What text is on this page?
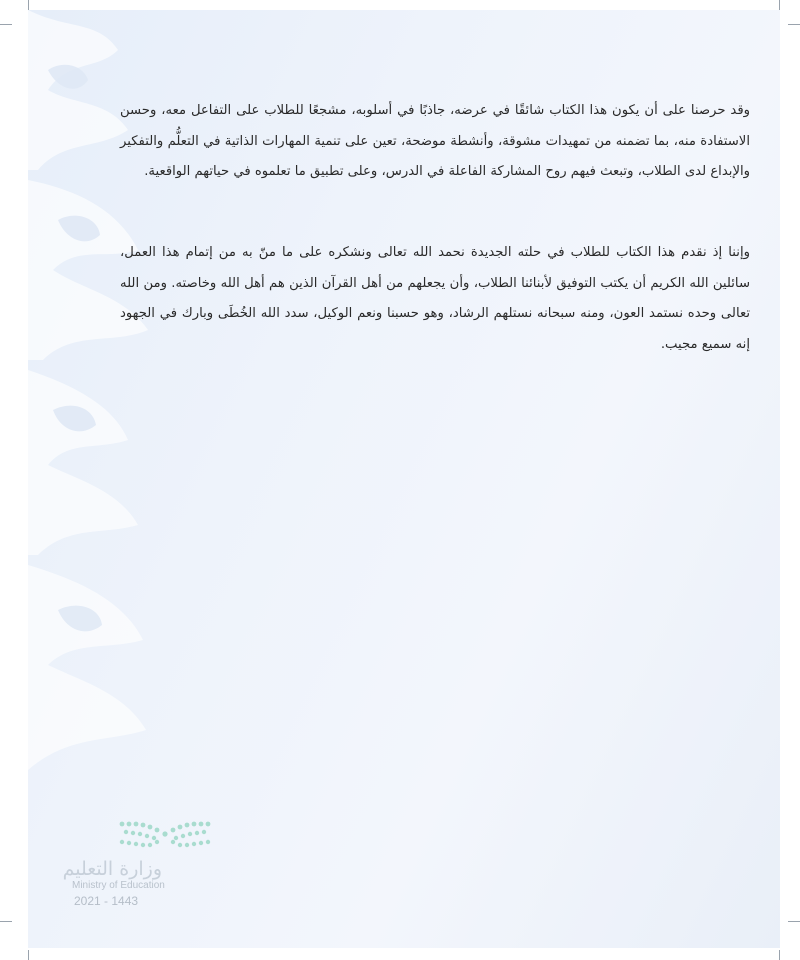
وقد حرصنا على أن يكون هذا الكتاب شائقًا في عرضه، جاذبًا في أسلوبه، مشجعًا للطلاب على التفاعل معه، وحسن الاستفادة منه، بما تضمنه من تمهيدات مشوقة، وأنشطة موضحة، تعين على تنمية المهارات الذاتية في التعلُّم والتفكير والإبداع لدى الطلاب، وتبعث فيهم روح المشاركة الفاعلة في الدرس، وعلى تطبيق ما تعلموه في حياتهم الواقعية.
وإننا إذ نقدم هذا الكتاب للطلاب في حلته الجديدة نحمد الله تعالى ونشكره على ما منّ به من إتمام هذا العمل، سائلين الله الكريم أن يكتب التوفيق لأبنائنا الطلاب، وأن يجعلهم من أهل القرآن الذين هم أهل الله وخاصته. ومن الله تعالى وحده نستمد العون، ومنه سبحانه نستلهم الرشاد، وهو حسبنا ونعم الوكيل، سدد الله الخُطَى وبارك في الجهود إنه سميع مجيب.
وزارة التعليم
Ministry of Education
2021 - 1443
